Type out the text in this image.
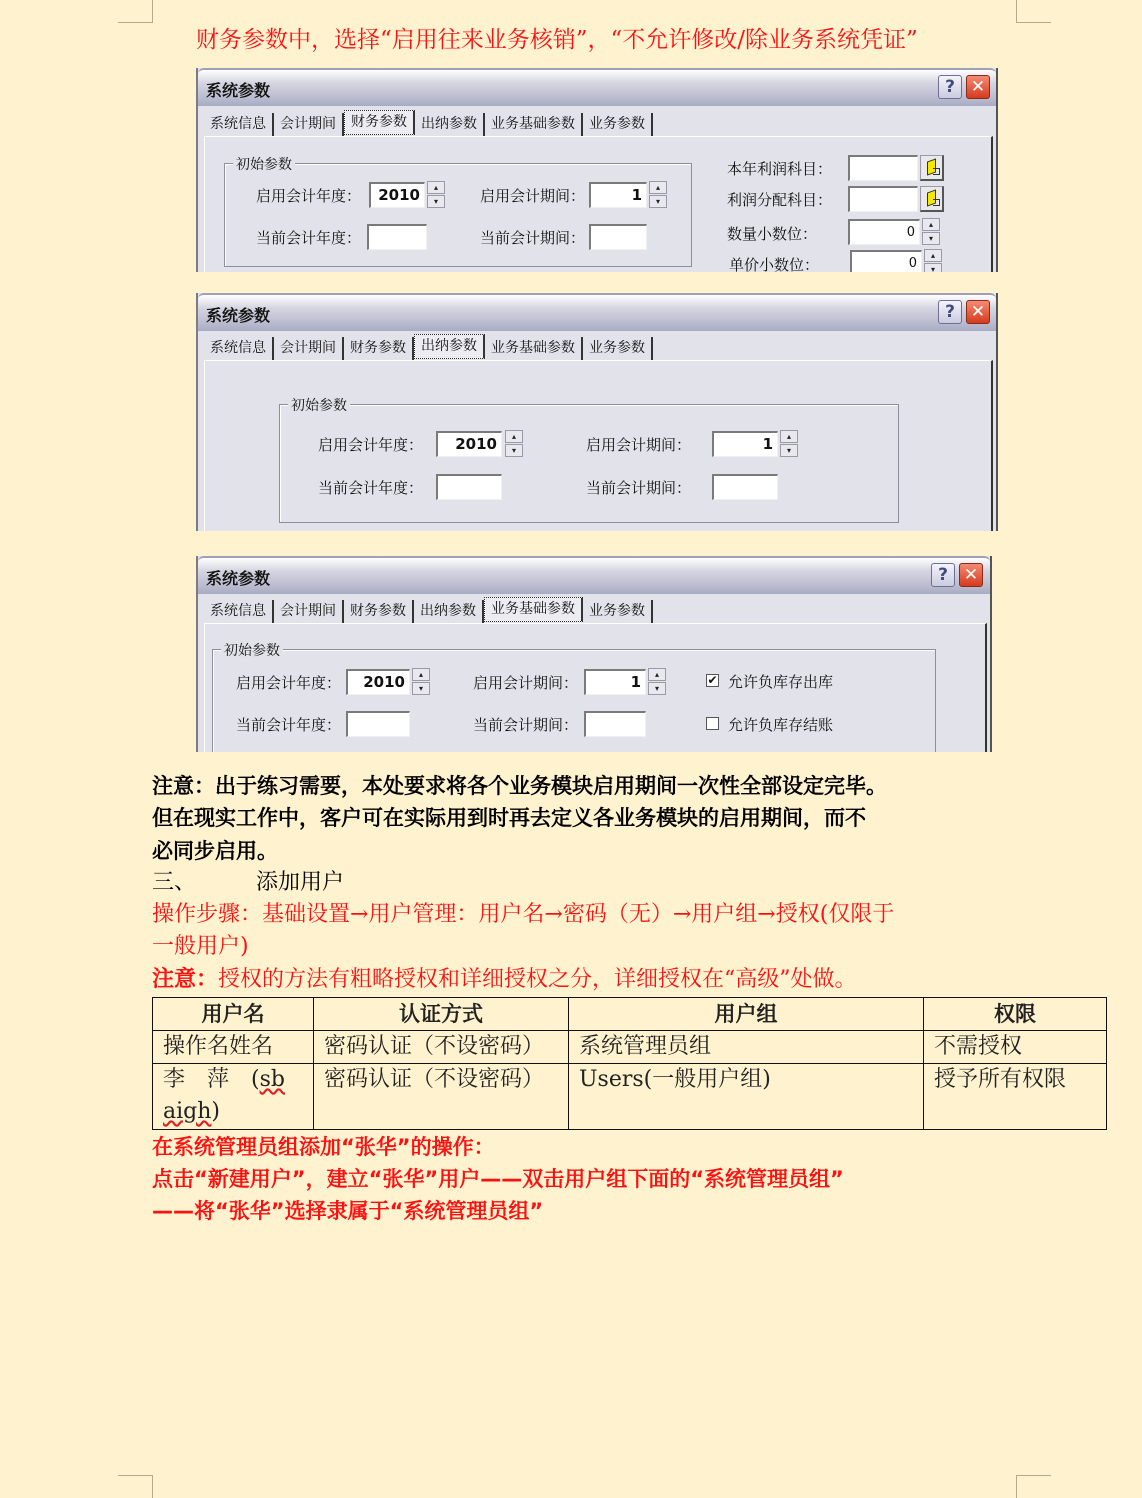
财务参数中，选择“启用往来业务核销”，“不允许修改/除业务系统凭证”
系统参数	? ✕
系统信息	会计期间	财务参数	出纳参数	业务基础参数	业务参数
初始参数
启用会计年度：	2010	▴
▾	启用会计期间：	1	▴
▾
当前会计年度：	当前会计期间：
本年利润科目：
利润分配科目：
数量小数位：	0
▴
▾
单价小数位：	0
▴
▾
系统参数	? ✕
系统信息	会计期间	财务参数	出纳参数	业务基础参数	业务参数
初始参数
启用会计年度：	2010	▴
▾	启用会计期间：	1	▴
▾
当前会计年度：	当前会计期间：
系统参数	? ✕
系统信息	会计期间	财务参数	出纳参数	业务基础参数	业务参数
初始参数
启用会计年度：	2010	▴
▾	启用会计期间：	1	▴
▾
当前会计年度：	当前会计期间：
✔ 允许负库存出库
允许负库存结账
注意：出于练习需要，本处要求将各个业务模块启用期间一次性全部设定完毕。
但在现实工作中，客户可在实际用到时再去定义各业务模块的启用期间，而不
必同步启用。
三、	添加用户
操作步骤：基础设置→用户管理：用户名→密码（无）→用户组→授权(仅限于
一般用户)
注意：授权的方法有粗略授权和详细授权之分，详细授权在“高级”处做。
用户名	认证方式	用户组	权限
操作名姓名	密码认证（不设密码）	系统管理员组	不需授权
李　萍　(sb
aigh)	密码认证（不设密码）	Users(一般用户组)	授予所有权限
在系统管理员组添加“张华”的操作：
点击“新建用户”，建立“张华”用户——双击用户组下面的“系统管理员组”
——将“张华”选择隶属于“系统管理员组”
